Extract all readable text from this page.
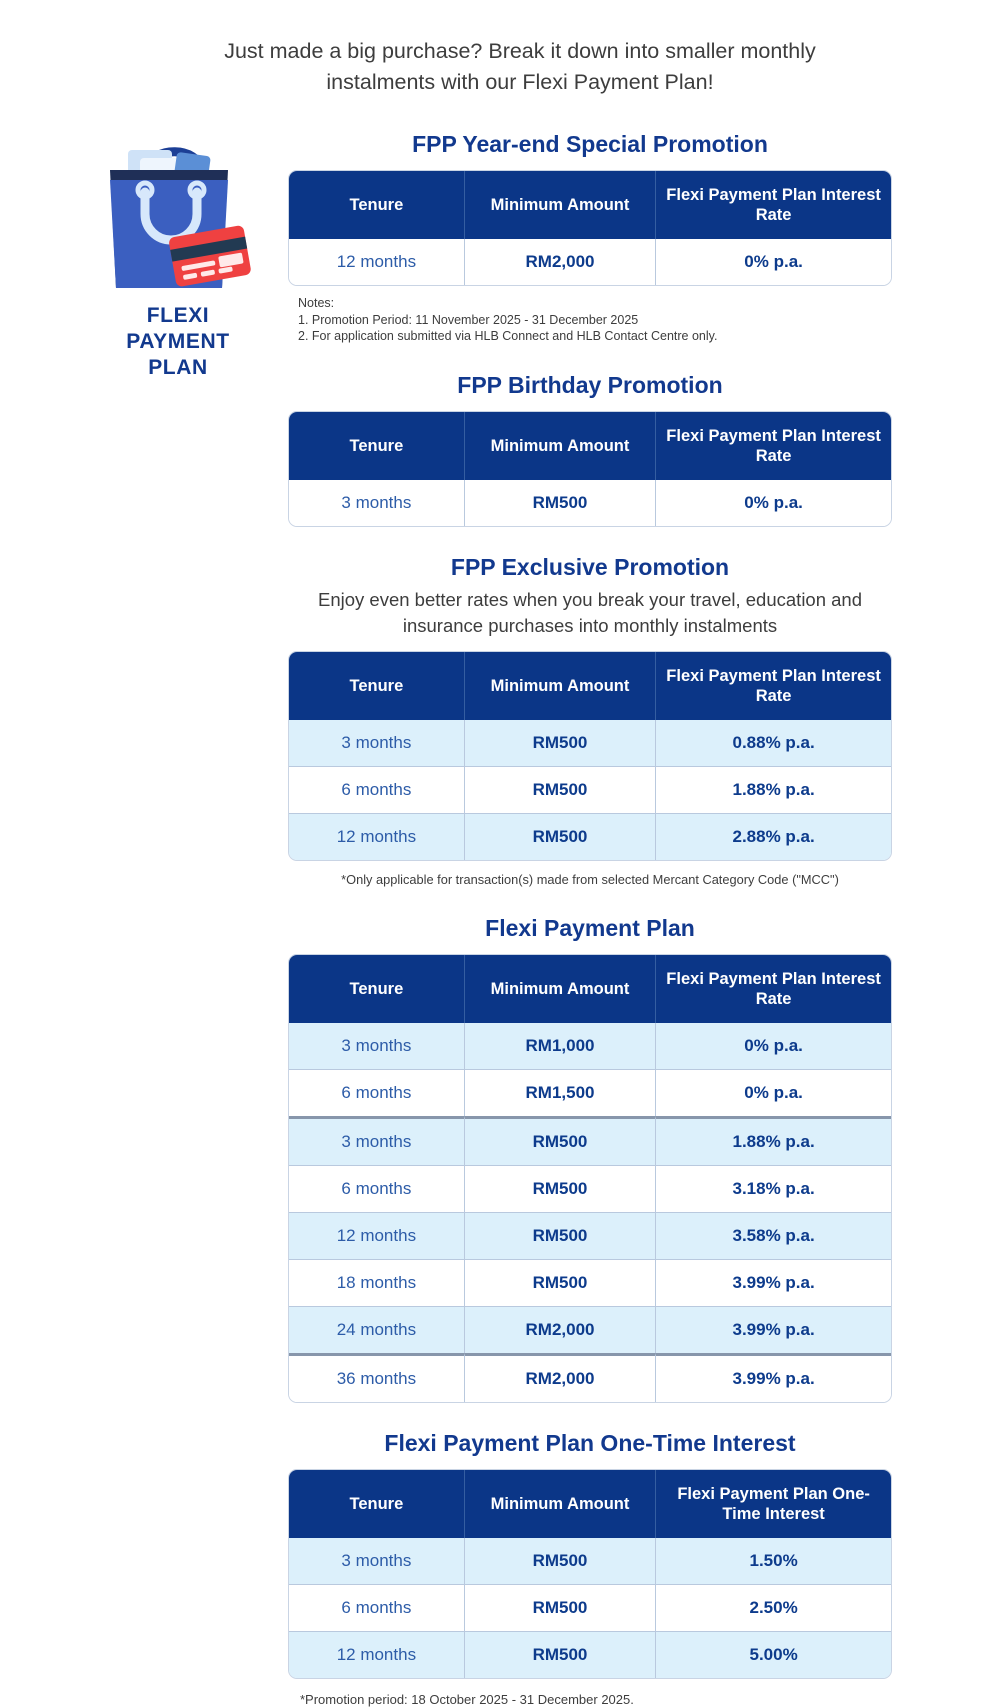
Just made a big purchase? Break it down into smaller monthly instalments with our Flexi Payment Plan!
FLEXI
PAYMENT
PLAN
FPP Year-end Special Promotion
Tenure	Minimum Amount	Flexi Payment Plan Interest Rate
12 months	RM2,000	0% p.a.
Notes:
1. Promotion Period: 11 November 2025 - 31 December 2025
2. For application submitted via HLB Connect and HLB Contact Centre only.
FPP Birthday Promotion
Tenure	Minimum Amount	Flexi Payment Plan Interest Rate
3 months	RM500	0% p.a.
FPP Exclusive Promotion
Enjoy even better rates when you break your travel, education and insurance purchases into monthly instalments
Tenure	Minimum Amount	Flexi Payment Plan Interest Rate
3 months	RM500	0.88% p.a.
6 months	RM500	1.88% p.a.
12 months	RM500	2.88% p.a.
*Only applicable for transaction(s) made from selected Mercant Category Code ("MCC")
Flexi Payment Plan
Tenure	Minimum Amount	Flexi Payment Plan Interest Rate
3 months	RM1,000	0% p.a.
6 months	RM1,500	0% p.a.
3 months	RM500	1.88% p.a.
6 months	RM500	3.18% p.a.
12 months	RM500	3.58% p.a.
18 months	RM500	3.99% p.a.
24 months	RM2,000	3.99% p.a.
36 months	RM2,000	3.99% p.a.
Flexi Payment Plan One-Time Interest
Tenure	Minimum Amount	Flexi Payment Plan One-Time Interest
3 months	RM500	1.50%
6 months	RM500	2.50%
12 months	RM500	5.00%
*Promotion period: 18 October 2025 - 31 December 2025.
